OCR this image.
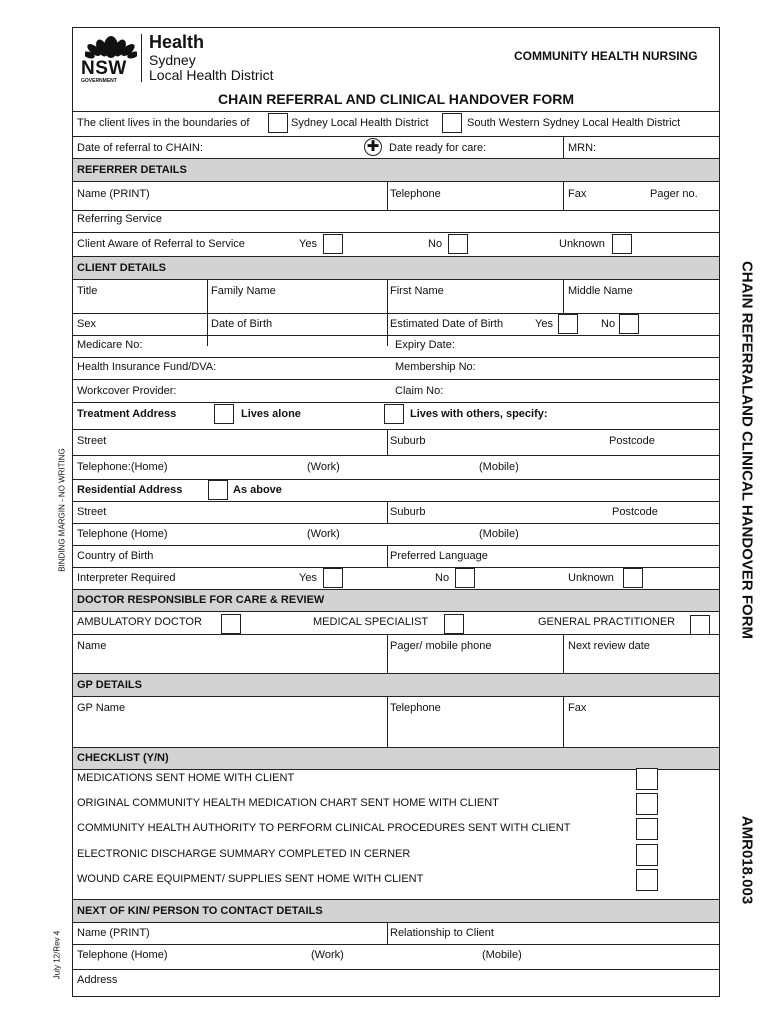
BINDING MARGIN - NO WRITING
July 12/Rev 4
CHAIN REFERRALAND CLINICAL HANDOVER FORM
AMR018.003
NSW
GOVERNMENT
Health
Sydney
Local Health District
COMMUNITY HEALTH NURSING
CHAIN REFERRAL AND CLINICAL HANDOVER FORM
The client lives in the boundaries of	Sydney Local Health District	South Western Sydney Local Health District
Date of referral to CHAIN:	✚ Date ready for care:	MRN:
REFERRER DETAILS
Name (PRINT)	Telephone	Fax	Pager no.
Referring Service
Client Aware of Referral to Service	Yes	No	Unknown
CLIENT DETAILS
Title	Family Name	First Name	Middle Name
Sex	Date of Birth	Estimated Date of Birth	Yes	No
Medicare No:	Expiry Date:
Health Insurance Fund/DVA:	Membership No:
Workcover Provider:	Claim No:
Treatment Address	Lives alone	Lives with others, specify:
Street	Suburb	Postcode
Telephone:(Home)	(Work)	(Mobile)
Residential Address	As above
Street	Suburb	Postcode
Telephone (Home)	(Work)	(Mobile)
Country of Birth	Preferred Language
Interpreter Required	Yes	No	Unknown
DOCTOR RESPONSIBLE FOR CARE & REVIEW
AMBULATORY DOCTOR	MEDICAL SPECIALIST	GENERAL PRACTITIONER
Name	Pager/ mobile phone	Next review date
GP DETAILS
GP Name	Telephone	Fax
CHECKLIST (Y/N)
MEDICATIONS SENT HOME WITH CLIENT
ORIGINAL COMMUNITY HEALTH MEDICATION CHART SENT HOME WITH CLIENT
COMMUNITY HEALTH AUTHORITY TO PERFORM CLINICAL PROCEDURES SENT WITH CLIENT
ELECTRONIC DISCHARGE SUMMARY COMPLETED IN CERNER
WOUND CARE EQUIPMENT/ SUPPLIES SENT HOME WITH CLIENT
NEXT OF KIN/ PERSON TO CONTACT DETAILS
Name (PRINT)	Relationship to Client
Telephone (Home)	(Work)	(Mobile)
Address
